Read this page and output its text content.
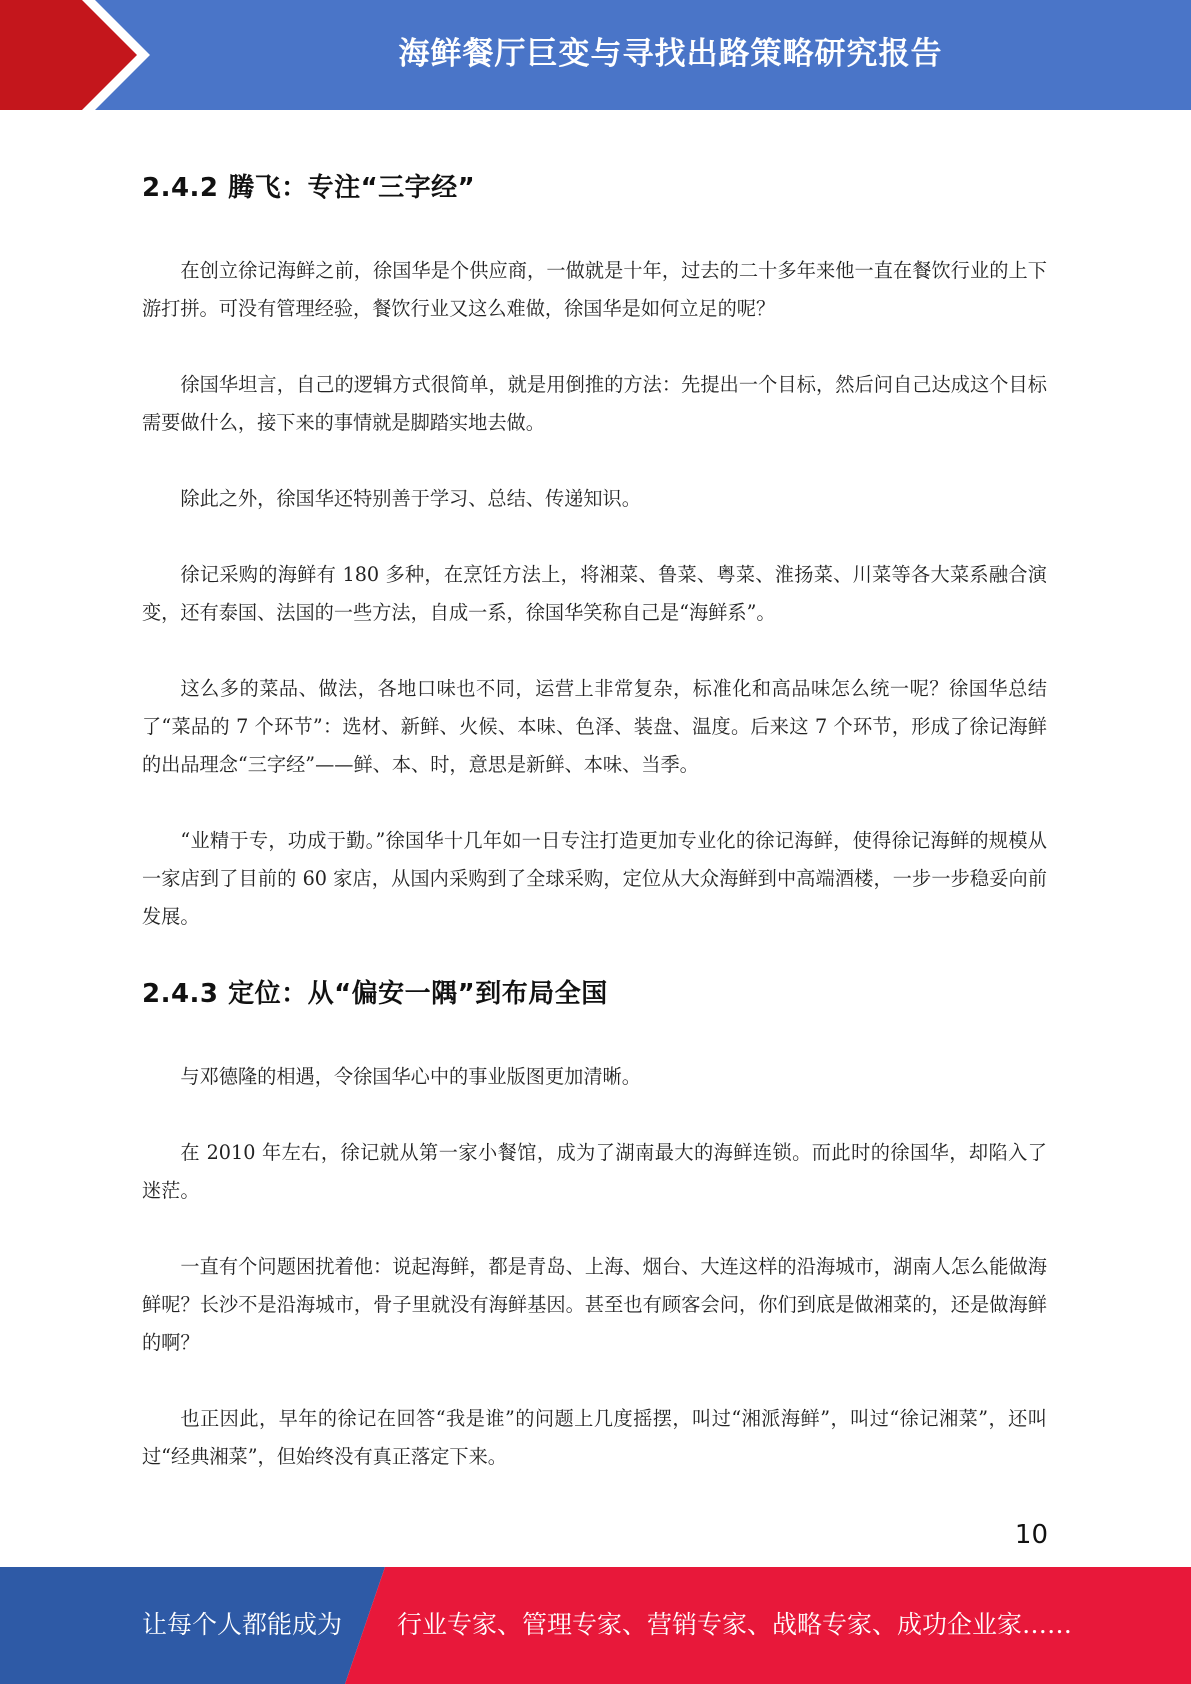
海鲜餐厅巨变与寻找出路策略研究报告
2.4.2 腾飞：专注“三字经”

在创立徐记海鲜之前，徐国华是个供应商，一做就是十年，过去的二十多年来他一直在餐饮行业的上下游打拼。可没有管理经验，餐饮行业又这么难做，徐国华是如何立足的呢？

徐国华坦言，自己的逻辑方式很简单，就是用倒推的方法：先提出一个目标，然后问自己达成这个目标需要做什么，接下来的事情就是脚踏实地去做。

除此之外，徐国华还特别善于学习、总结、传递知识。

徐记采购的海鲜有 180 多种，在烹饪方法上，将湘菜、鲁菜、粤菜、淮扬菜、川菜等各大菜系融合演变，还有泰国、法国的一些方法，自成一系，徐国华笑称自己是“海鲜系”。

这么多的菜品、做法，各地口味也不同，运营上非常复杂，标准化和高品味怎么统一呢？徐国华总结了“菜品的 7 个环节”：选材、新鲜、火候、本味、色泽、装盘、温度。后来这 7 个环节，形成了徐记海鲜的出品理念“三字经”——鲜、本、时，意思是新鲜、本味、当季。

“业精于专，功成于勤。”徐国华十几年如一日专注打造更加专业化的徐记海鲜，使得徐记海鲜的规模从一家店到了目前的 60 家店，从国内采购到了全球采购，定位从大众海鲜到中高端酒楼，一步一步稳妥向前发展。

2.4.3 定位：从“偏安一隅”到布局全国

与邓德隆的相遇，令徐国华心中的事业版图更加清晰。

在 2010 年左右，徐记就从第一家小餐馆，成为了湖南最大的海鲜连锁。而此时的徐国华，却陷入了迷茫。

一直有个问题困扰着他：说起海鲜，都是青岛、上海、烟台、大连这样的沿海城市，湖南人怎么能做海鲜呢？长沙不是沿海城市，骨子里就没有海鲜基因。甚至也有顾客会问，你们到底是做湘菜的，还是做海鲜的啊？

也正因此，早年的徐记在回答“我是谁”的问题上几度摇摆，叫过“湘派海鲜”，叫过“徐记湘菜”，还叫过“经典湘菜”，但始终没有真正落定下来。

10
让每个人都能成为 行业专家、管理专家、营销专家、战略专家、成功企业家……
